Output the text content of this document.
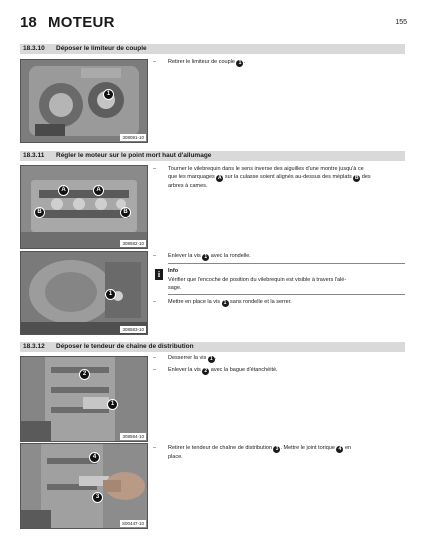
18 MOTEUR	155
18.3.10 Déposer le limiteur de couple
308081-10
1
– Retirer le limiteur de couple 1 .
18.3.11 Régler le moteur sur le point mort haut d'allumage
308582-10
A	A
B	B
– Tourner le vilebrequin dans le sens inverse des aiguilles d'une montre jusqu'à ce
que les marquages A sur la culasse soient alignés au-dessus des méplats B des
arbres à cames.
308583-10
1
– Enlever la vis 1 avec la rondelle.
i	Info
Vérifier que l'encoche de position du vilebrequin est visible à travers l'alé-
sage.
– Mettre en place la vis 1 sans rondelle et la serrer.
18.3.12 Déposer le tendeur de chaîne de distribution
308584-10
2
1
– Desserrer la vis 1 .
– Enlever la vis 2 avec la bague d'étanchéité.
S00447-10
4
3
– Retirer le tendeur de chaîne de distribution 3 . Mettre le joint torique 4 en
place.
